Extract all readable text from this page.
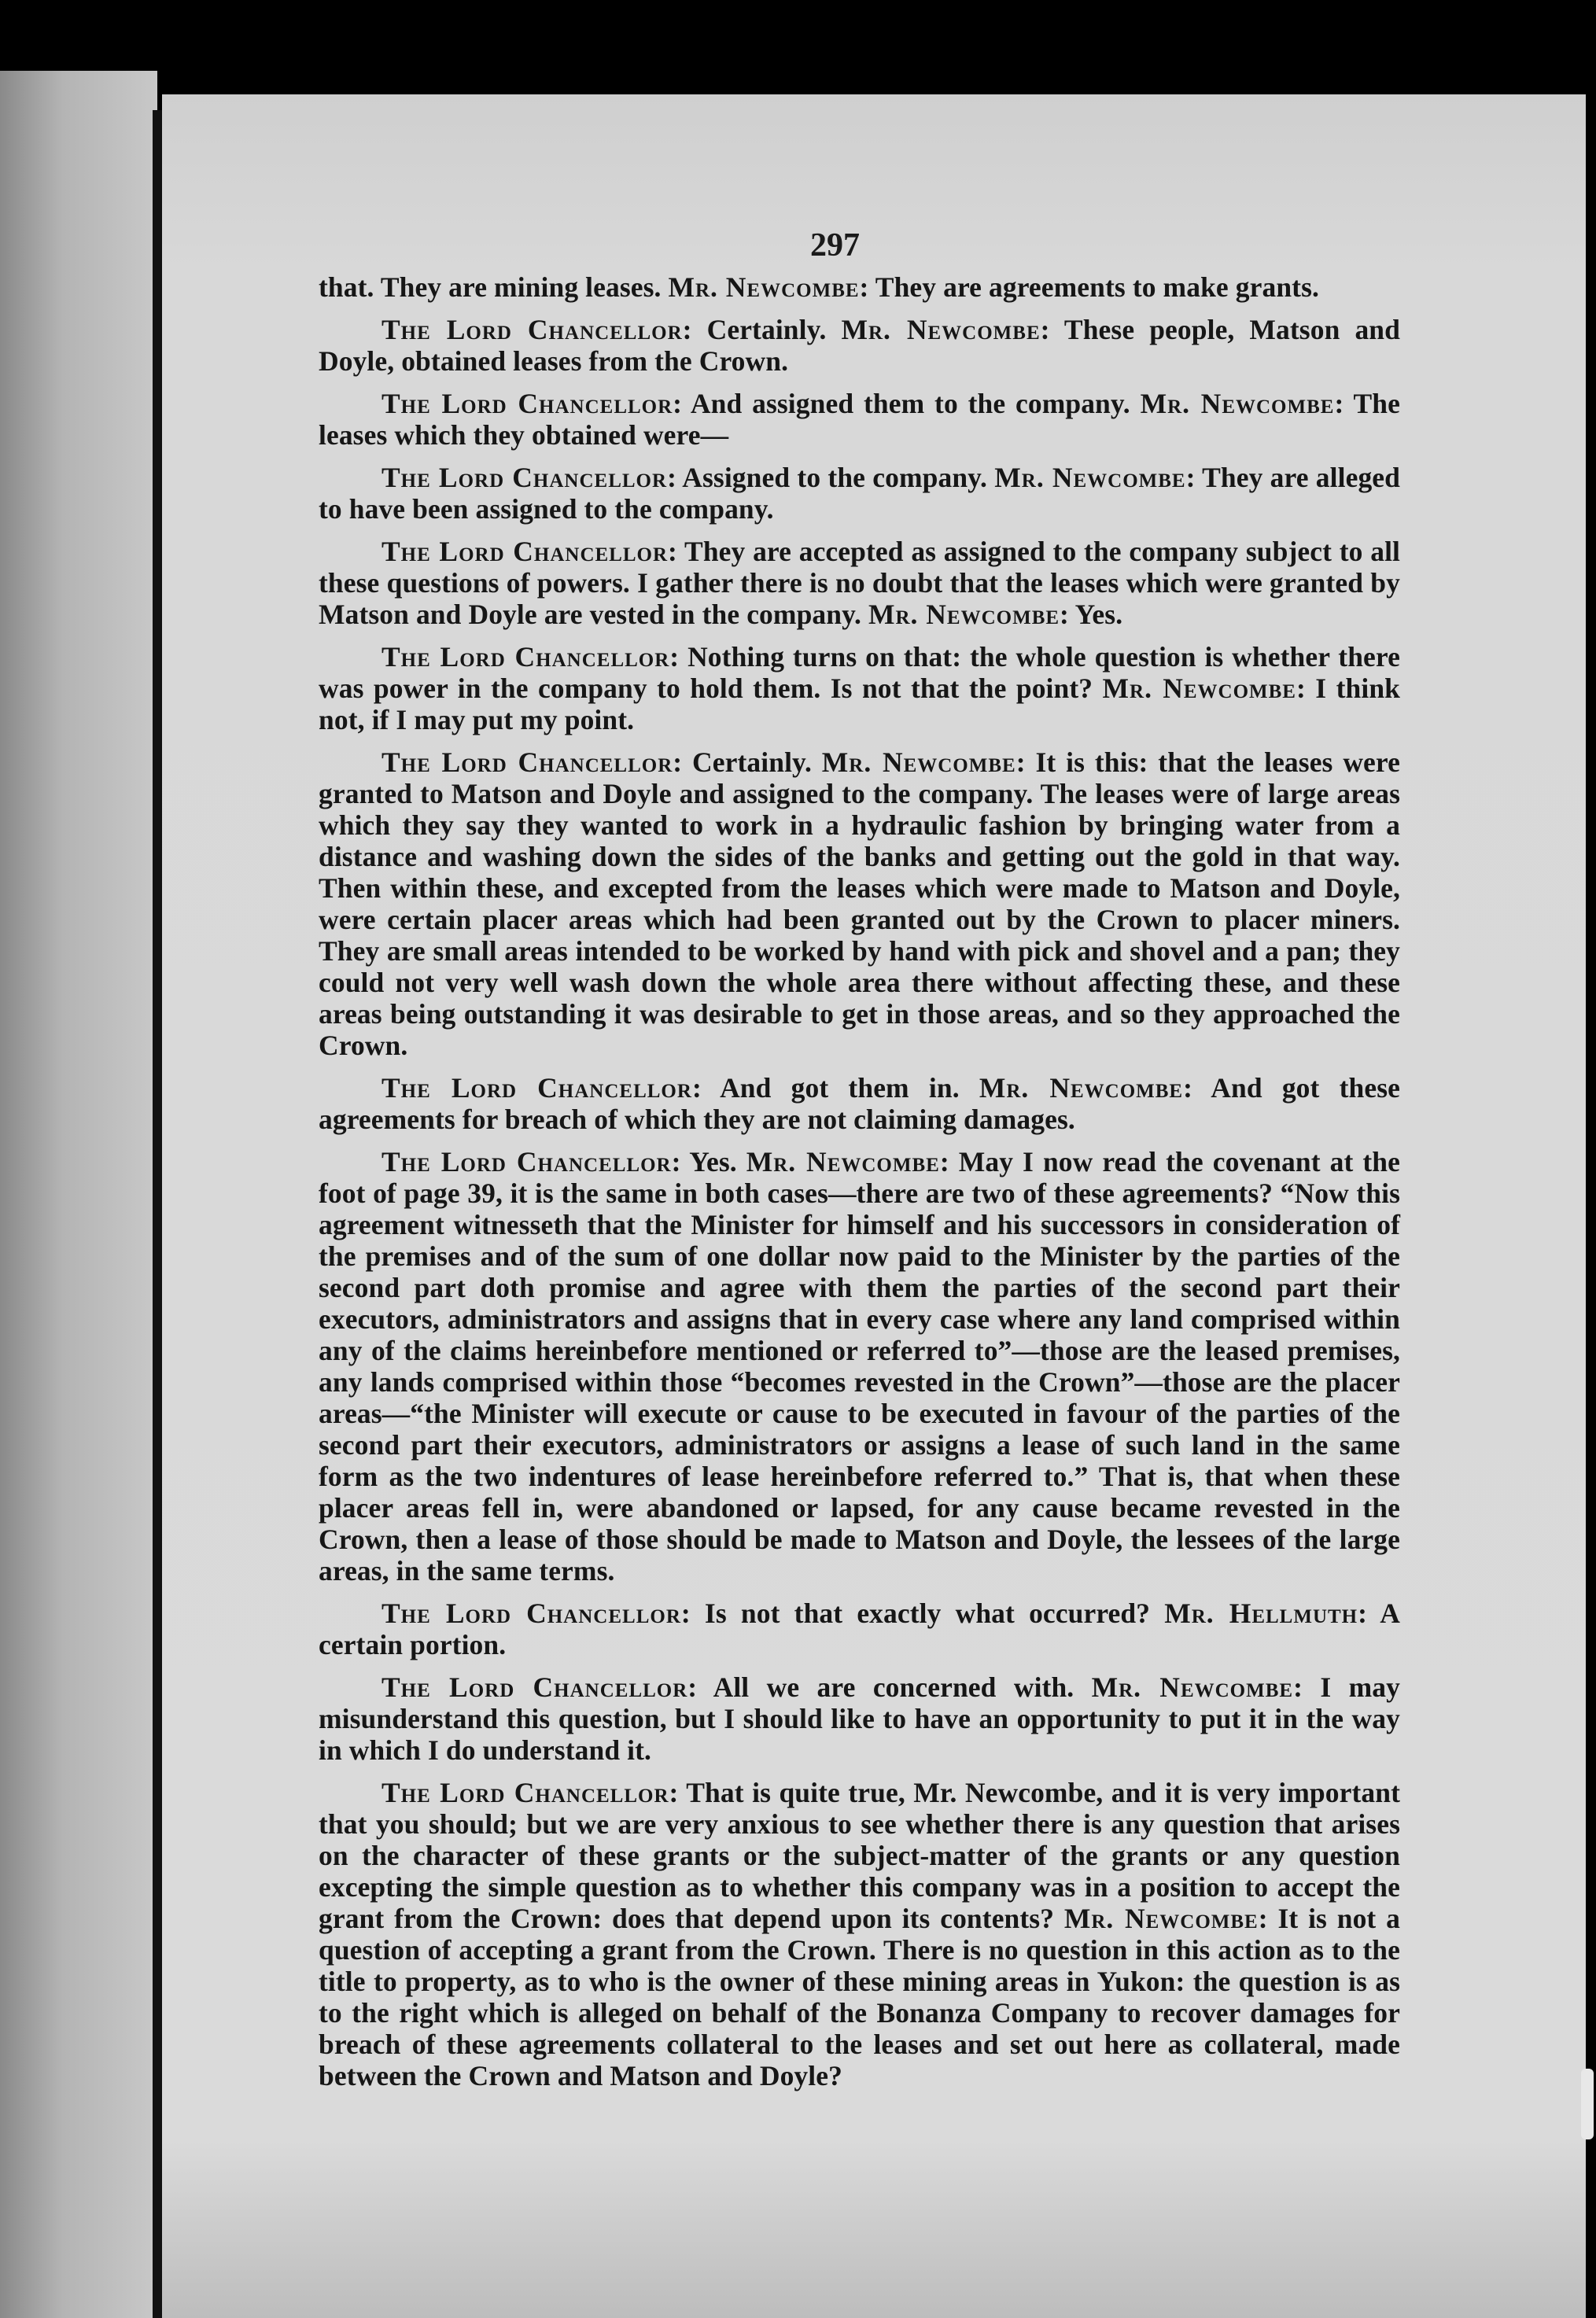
297

that. They are mining leases. Mr. Newcombe: They are agreements to make grants.

The Lord Chancellor: Certainly. Mr. Newcombe: These people, Matson and Doyle, obtained leases from the Crown.

The Lord Chancellor: And assigned them to the company. Mr. Newcombe: The leases which they obtained were—

The Lord Chancellor: Assigned to the company. Mr. Newcombe: They are alleged to have been assigned to the company.

The Lord Chancellor: They are accepted as assigned to the company subject to all these questions of powers. I gather there is no doubt that the leases which were granted by Matson and Doyle are vested in the company. Mr. Newcombe: Yes.

The Lord Chancellor: Nothing turns on that: the whole question is whether there was power in the company to hold them. Is not that the point? Mr. Newcombe: I think not, if I may put my point.

The Lord Chancellor: Certainly. Mr. Newcombe: It is this: that the leases were granted to Matson and Doyle and assigned to the company. The leases were of large areas which they say they wanted to work in a hydraulic fashion by bringing water from a distance and washing down the sides of the banks and getting out the gold in that way. Then within these, and excepted from the leases which were made to Matson and Doyle, were certain placer areas which had been granted out by the Crown to placer miners. They are small areas intended to be worked by hand with pick and shovel and a pan; they could not very well wash down the whole area there without affecting these, and these areas being outstanding it was desirable to get in those areas, and so they approached the Crown.

The Lord Chancellor: And got them in. Mr. Newcombe: And got these agreements for breach of which they are not claiming damages.

The Lord Chancellor: Yes. Mr. Newcombe: May I now read the covenant at the foot of page 39, it is the same in both cases—there are two of these agreements? “Now this agreement witnesseth that the Minister for himself and his successors in consideration of the premises and of the sum of one dollar now paid to the Minister by the parties of the second part doth promise and agree with them the parties of the second part their executors, administrators and assigns that in every case where any land comprised within any of the claims hereinbefore mentioned or referred to”—those are the leased premises, any lands comprised within those “becomes revested in the Crown”—those are the placer areas—“the Minister will execute or cause to be executed in favour of the parties of the second part their executors, administrators or assigns a lease of such land in the same form as the two indentures of lease hereinbefore referred to.” That is, that when these placer areas fell in, were abandoned or lapsed, for any cause became revested in the Crown, then a lease of those should be made to Matson and Doyle, the lessees of the large areas, in the same terms.

The Lord Chancellor: Is not that exactly what occurred? Mr. Hellmuth: A certain portion.

The Lord Chancellor: All we are concerned with. Mr. Newcombe: I may misunderstand this question, but I should like to have an opportunity to put it in the way in which I do understand it.

The Lord Chancellor: That is quite true, Mr. Newcombe, and it is very important that you should; but we are very anxious to see whether there is any question that arises on the character of these grants or the subject-matter of the grants or any question excepting the simple question as to whether this company was in a position to accept the grant from the Crown: does that depend upon its contents? Mr. Newcombe: It is not a question of accepting a grant from the Crown. There is no question in this action as to the title to property, as to who is the owner of these mining areas in Yukon: the question is as to the right which is alleged on behalf of the Bonanza Company to recover damages for breach of these agreements collateral to the leases and set out here as collateral, made between the Crown and Matson and Doyle?
